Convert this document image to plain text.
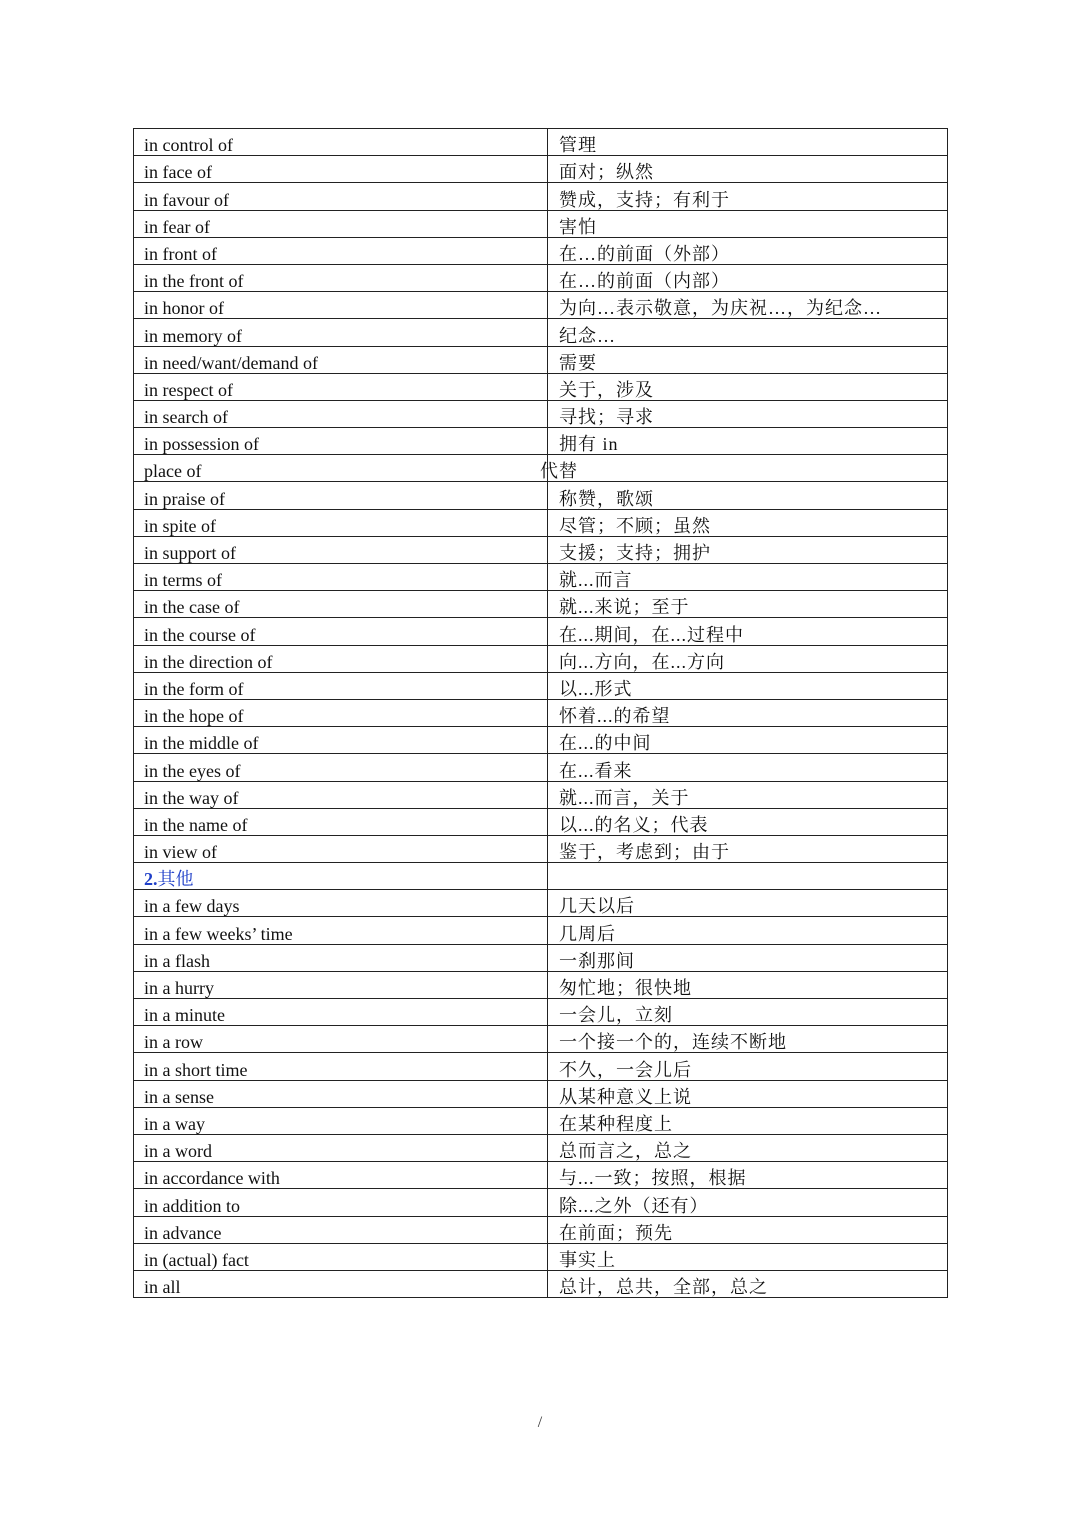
in control of	管理
in face of	面对；纵然
in favour of	赞成，支持；有利于
in fear of	害怕
in front of	在…的前面（外部）
in the front of	在…的前面（内部）
in honor of	为向…表示敬意，为庆祝…，为纪念…
in memory of	纪念…
in need/want/demand of	需要
in respect of	关于，涉及
in search of	寻找；寻求
in possession of	拥有 in
place of	代替
in praise of	称赞，歌颂
in spite of	尽管；不顾；虽然
in support of	支援；支持；拥护
in terms of	就...而言
in the case of	就...来说；至于
in the course of	在...期间，在...过程中
in the direction of	向...方向，在...方向
in the form of	以...形式
in the hope of	怀着...的希望
in the middle of	在...的中间
in the eyes of	在...看来
in the way of	就...而言，关于
in the name of	以...的名义；代表
in view of	鉴于，考虑到；由于
2.其他	
in a few days	几天以后
in a few weeks’ time	几周后
in a flash	一刹那间
in a hurry	匆忙地；很快地
in a minute	一会儿，立刻
in a row	一个接一个的，连续不断地
in a short time	不久，一会儿后
in a sense	从某种意义上说
in a way	在某种程度上
in a word	总而言之，总之
in accordance with	与...一致；按照，根据
in addition to	除...之外（还有）
in advance	在前面；预先
in (actual) fact	事实上
in all	总计，总共，全部，总之
/
